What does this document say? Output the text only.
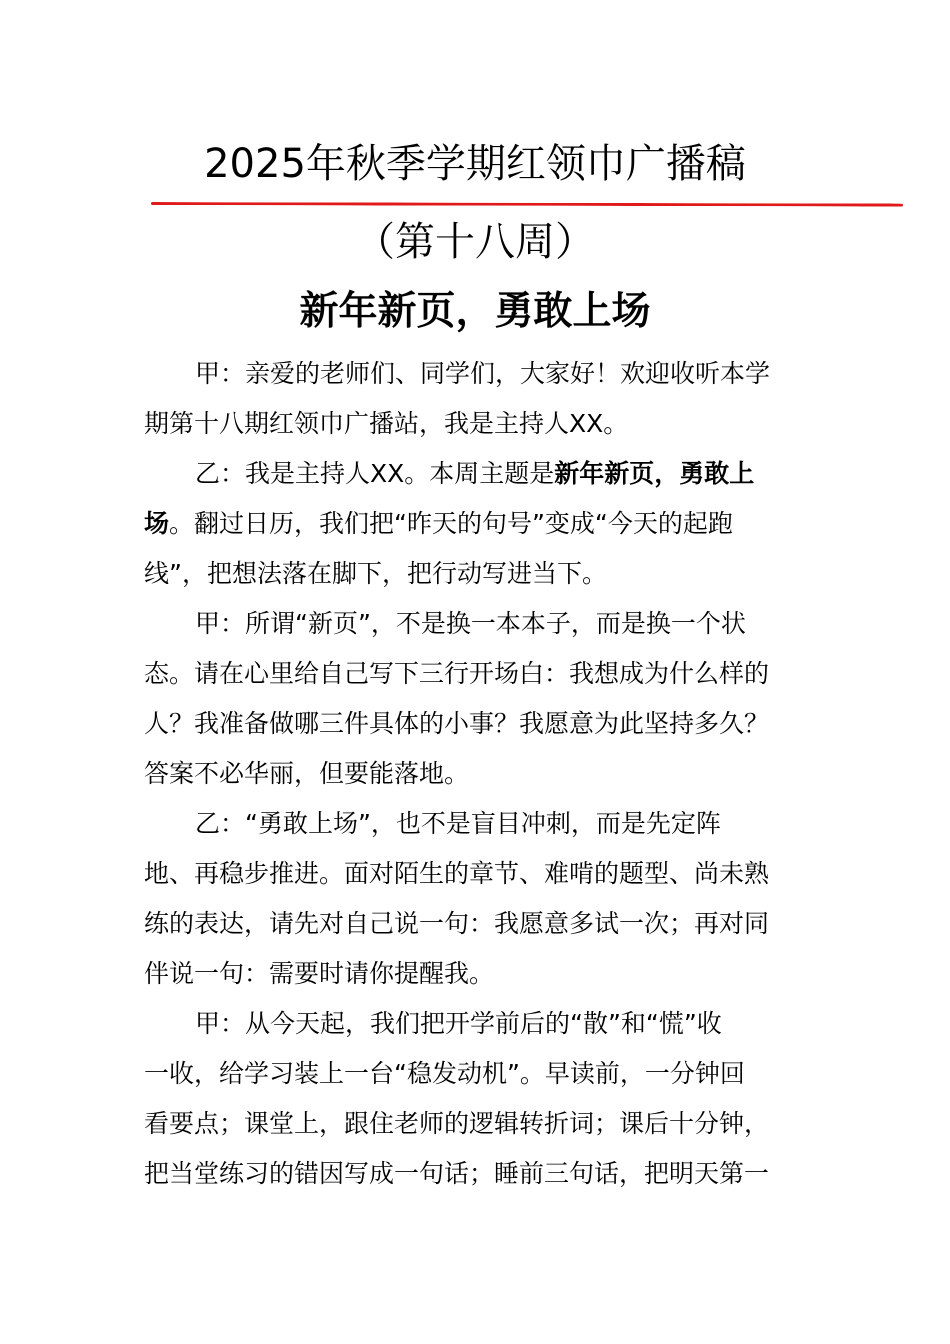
2025年秋季学期红领巾广播稿
（第十八周）
新年新页，勇敢上场
甲：亲爱的老师们、同学们，大家好！欢迎收听本学
期第十八期红领巾广播站，我是主持人XX。
乙：我是主持人XX。本周主题是新年新页，勇敢上
场。翻过日历，我们把“昨天的句号”变成“今天的起跑
线”，把想法落在脚下，把行动写进当下。
甲：所谓“新页”，不是换一本本子，而是换一个状
态。请在心里给自己写下三行开场白：我想成为什么样的
人？我准备做哪三件具体的小事？我愿意为此坚持多久？
答案不必华丽，但要能落地。
乙：“勇敢上场”，也不是盲目冲刺，而是先定阵
地、再稳步推进。面对陌生的章节、难啃的题型、尚未熟
练的表达，请先对自己说一句：我愿意多试一次；再对同
伴说一句：需要时请你提醒我。
甲：从今天起，我们把开学前后的“散”和“慌”收
一收，给学习装上一台“稳发动机”。早读前，一分钟回
看要点；课堂上，跟住老师的逻辑转折词；课后十分钟，
把当堂练习的错因写成一句话；睡前三句话，把明天第一
